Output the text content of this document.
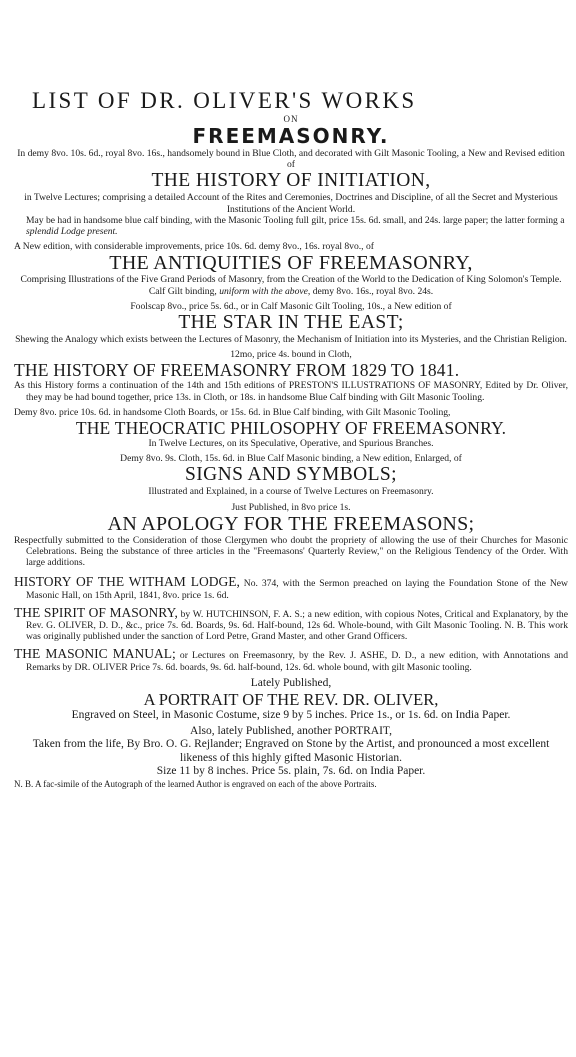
LIST OF DR. OLIVER'S WORKS

ON

FREEMASONRY.

In demy 8vo. 10s. 6d., royal 8vo. 16s., handsomely bound in Blue Cloth, and decorated with Gilt Masonic Tooling, a New and Revised edition of

THE HISTORY OF INITIATION,

in Twelve Lectures; comprising a detailed Account of the Rites and Ceremonies, Doctrines and Discipline, of all the Secret and Mysterious Institutions of the Ancient World.

May be had in handsome blue calf binding, with the Masonic Tooling full gilt, price 15s. 6d. small, and 24s. large paper; the latter forming a splendid Lodge present.

A New edition, with considerable improvements, price 10s. 6d. demy 8vo., 16s. royal 8vo., of

THE ANTIQUITIES OF FREEMASONRY,

Comprising Illustrations of the Five Grand Periods of Masonry, from the Creation of the World to the Dedication of King Solomon's Temple.

Calf Gilt binding, uniform with the above, demy 8vo. 16s., royal 8vo. 24s.

Foolscap 8vo., price 5s. 6d., or in Calf Masonic Gilt Tooling, 10s., a New edition of

THE STAR IN THE EAST;

Shewing the Analogy which exists between the Lectures of Masonry, the Mechanism of Initiation into its Mysteries, and the Christian Religion.

12mo, price 4s. bound in Cloth,

THE HISTORY OF FREEMASONRY FROM 1829 TO 1841.

As this History forms a continuation of the 14th and 15th editions of PRESTON'S ILLUSTRATIONS OF MASONRY, Edited by Dr. Oliver, they may be had bound together, price 13s. in Cloth, or 18s. in handsome Blue Calf binding with Gilt Masonic Tooling.

Demy 8vo. price 10s. 6d. in handsome Cloth Boards, or 15s. 6d. in Blue Calf binding, with Gilt Masonic Tooling,

THE THEOCRATIC PHILOSOPHY OF FREEMASONRY.

In Twelve Lectures, on its Speculative, Operative, and Spurious Branches.

Demy 8vo. 9s. Cloth, 15s. 6d. in Blue Calf Masonic binding, a New edition, Enlarged, of

SIGNS AND SYMBOLS;

Illustrated and Explained, in a course of Twelve Lectures on Freemasonry.

Just Published, in 8vo price 1s.

AN APOLOGY FOR THE FREEMASONS;

Respectfully submitted to the Consideration of those Clergymen who doubt the propriety of allowing the use of their Churches for Masonic Celebrations. Being the substance of three articles in the "Freemasons' Quarterly Review," on the Religious Tendency of the Order. With large additions.

HISTORY OF THE WITHAM LODGE, No. 374, with the Sermon preached on laying the Foundation Stone of the New Masonic Hall, on 15th April, 1841, 8vo. price 1s. 6d.

THE SPIRIT OF MASONRY, by W. HUTCHINSON, F. A. S.; a new edition, with copious Notes, Critical and Explanatory, by the Rev. G. OLIVER, D. D., &c., price 7s. 6d. Boards, 9s. 6d. Half-bound, 12s 6d. Whole-bound, with Gilt Masonic Tooling. N. B. This work was originally published under the sanction of Lord Petre, Grand Master, and other Grand Officers.

THE MASONIC MANUAL; or Lectures on Freemasonry, by the Rev. J. ASHE, D. D., a new edition, with Annotations and Remarks by DR. OLIVER Price 7s. 6d. boards, 9s. 6d. half-bound, 12s. 6d. whole bound, with gilt Masonic tooling.

Lately Published,

A PORTRAIT OF THE REV. DR. OLIVER,

Engraved on Steel, in Masonic Costume, size 9 by 5 inches. Price 1s., or 1s. 6d. on India Paper.

Also, lately Published, another PORTRAIT,

Taken from the life, By Bro. O. G. Rejlander; Engraved on Stone by the Artist, and pronounced a most excellent likeness of this highly gifted Masonic Historian.

Size 11 by 8 inches. Price 5s. plain, 7s. 6d. on India Paper.

N. B. A fac-simile of the Autograph of the learned Author is engraved on each of the above Portraits.
